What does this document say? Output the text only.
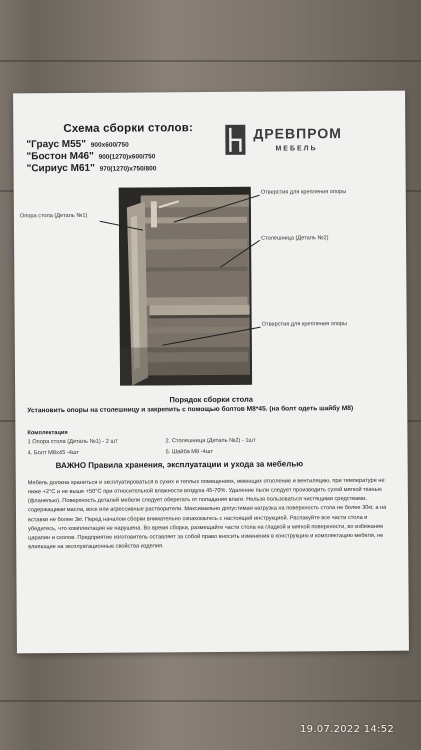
Схема сборки столов:
"Граус М55" 900х600/750
"Бостон М46" 900(1270)х600/750
"Сириус М61" 970(1270)х750/800
ДРЕВПРОМ
МЕБЕЛЬ
Опора стола (Деталь №1)
Отверстия для крепления опоры
Столешница (Деталь №2)
Отверстия для крепления опоры
Порядок сборки стола
Установить опоры на столешницу и закрепить с помощью болтов М8*45. (на болт одеть шайбу М8)
Комплектация
1 Опора стола (Деталь №1) - 2 шт	2. Столешница (Деталь №2) - 1шт
4. Болт М8х45 -4шт	5. Шайба М8 -4шт
ВАЖНО Правила хранения, эксплуатации и ухода за мебелью

Мебель должна храниться и эксплуатироваться в сухих и теплых помещениях, имеющих отопление и вентиляцию, при температуре не ниже +2°С и не выше +50°С при относительной влажности воздуха 45-70%. Удаление пыли следует производить сухой мягкой тканью (фланелью). Поверхность деталей мебели следует оберегать от попадания влаги. Нельзя пользоваться чистящими средствами, содержащими масла, воск или агрессивные растворители. Максимально допустимая нагрузка на поверхность стола не более 30кг, а на вставки не более 3кг. Перед началом сборки внимательно ознакомьтесь с настоящей инструкцией. Распакуйте все части стола и убедитесь, что комплектация не нарушена. Во время сборки, размещайте части стола на гладкой и мягкой поверхности, во избежание царапин и сколов. Предприятие изготовитель оставляет за собой право вносить изменения в конструкцию и комплектацию мебели, не влияющие на эксплуатационные свойства изделия.

19.07.2022 14:52
